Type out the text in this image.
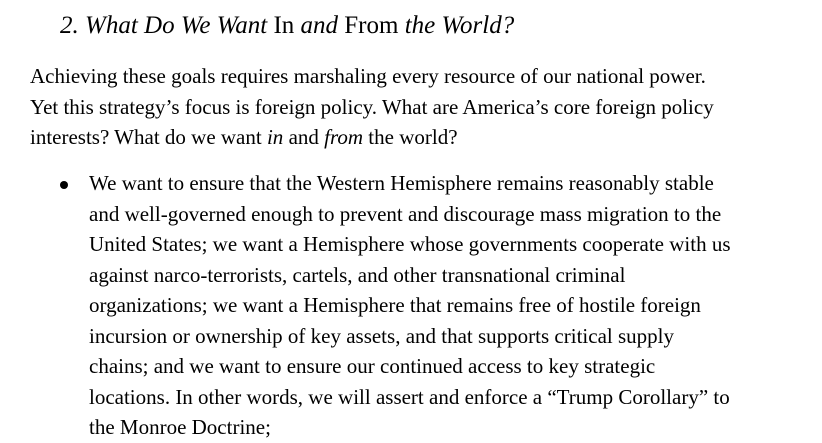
2. What Do We Want In and From the World?
Achieving these goals requires marshaling every resource of our national power.
Yet this strategy’s focus is foreign policy. What are America’s core foreign policy
interests? What do we want in and from the world?
We want to ensure that the Western Hemisphere remains reasonably stable
and well-governed enough to prevent and discourage mass migration to the
United States; we want a Hemisphere whose governments cooperate with us
against narco-terrorists, cartels, and other transnational criminal
organizations; we want a Hemisphere that remains free of hostile foreign
incursion or ownership of key assets, and that supports critical supply
chains; and we want to ensure our continued access to key strategic
locations. In other words, we will assert and enforce a “Trump Corollary” to
the Monroe Doctrine;
